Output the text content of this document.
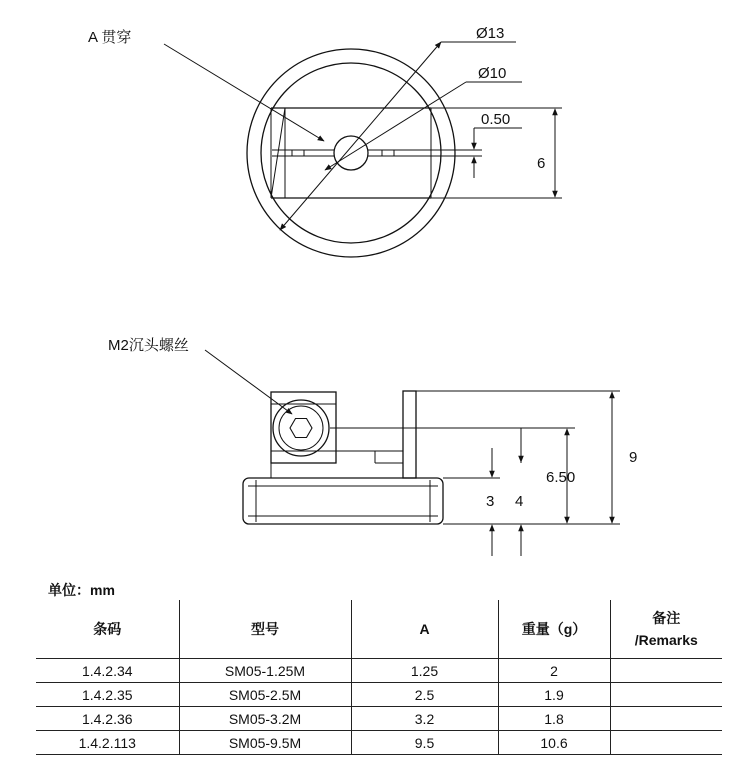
A 贯穿	Ø13
Ø10
0.50
6
M2沉头螺丝
9
6.50
3 4
单位：mm
条码	型号	A	重量（g）	备注
/Remarks
1.4.2.34	SM05-1.25M	1.25	2	
1.4.2.35	SM05-2.5M	2.5	1.9	
1.4.2.36	SM05-3.2M	3.2	1.8	
1.4.2.113	SM05-9.5M	9.5	10.6	
